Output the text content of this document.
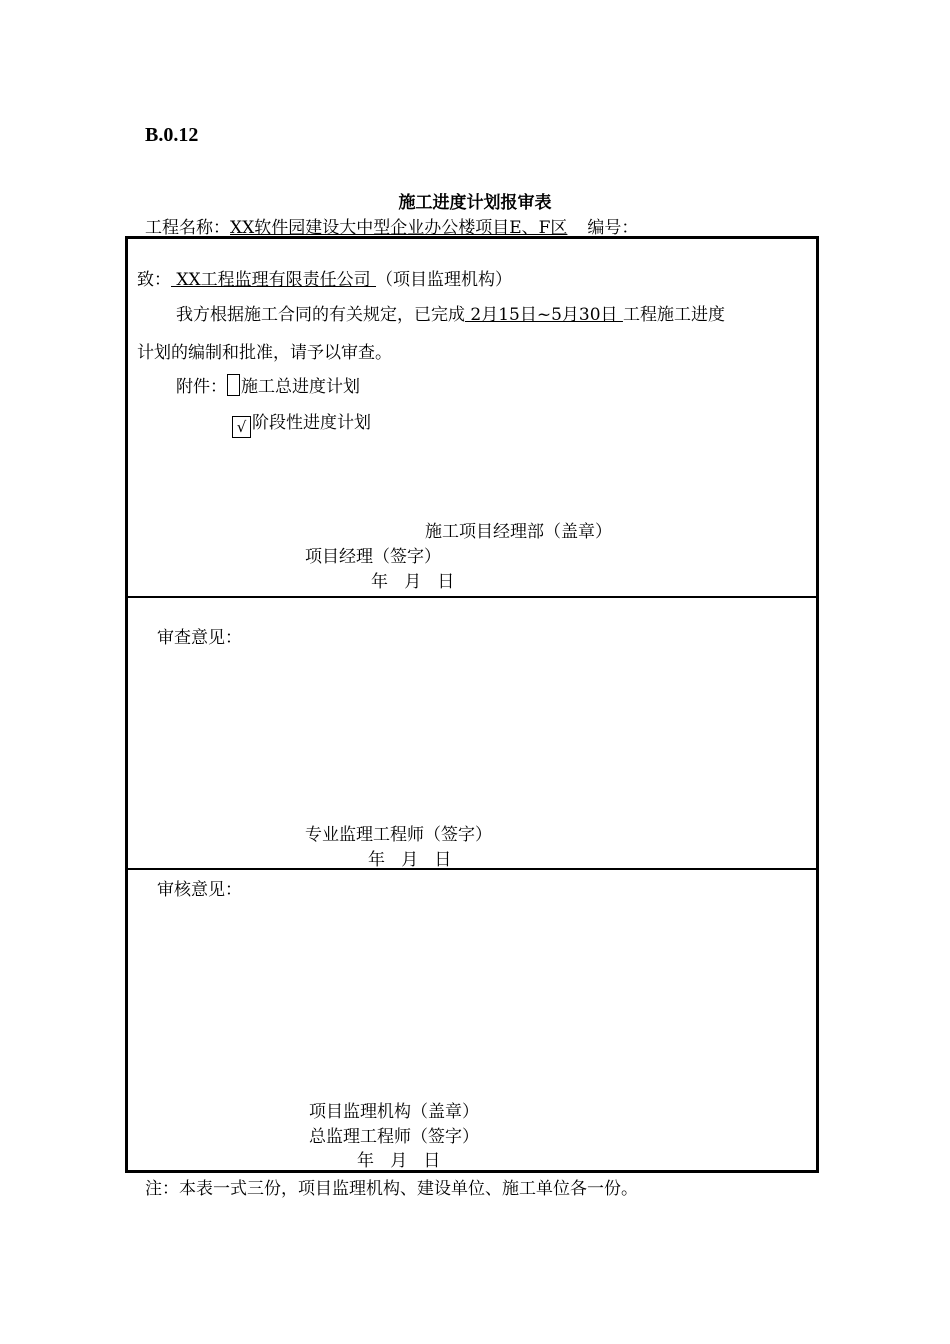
B.0.12
施工进度计划报审表
工程名称：XX软件园建设大中型企业办公楼项目E、F区 编号：
致： XX工程监理有限责任公司 （项目监理机构）
我方根据施工合同的有关规定，已完成 2月15日~5月30日 工程施工进度
计划的编制和批准，请予以审查。
附件： 施工总进度计划
√ 阶段性进度计划
施工项目经理部（盖章）
项目经理（签字）
年   月   日
审查意见：
专业监理工程师（签字）
年   月   日
审核意见：
项目监理机构（盖章）
总监理工程师（签字）
年   月   日
注：本表一式三份，项目监理机构、建设单位、施工单位各一份。
